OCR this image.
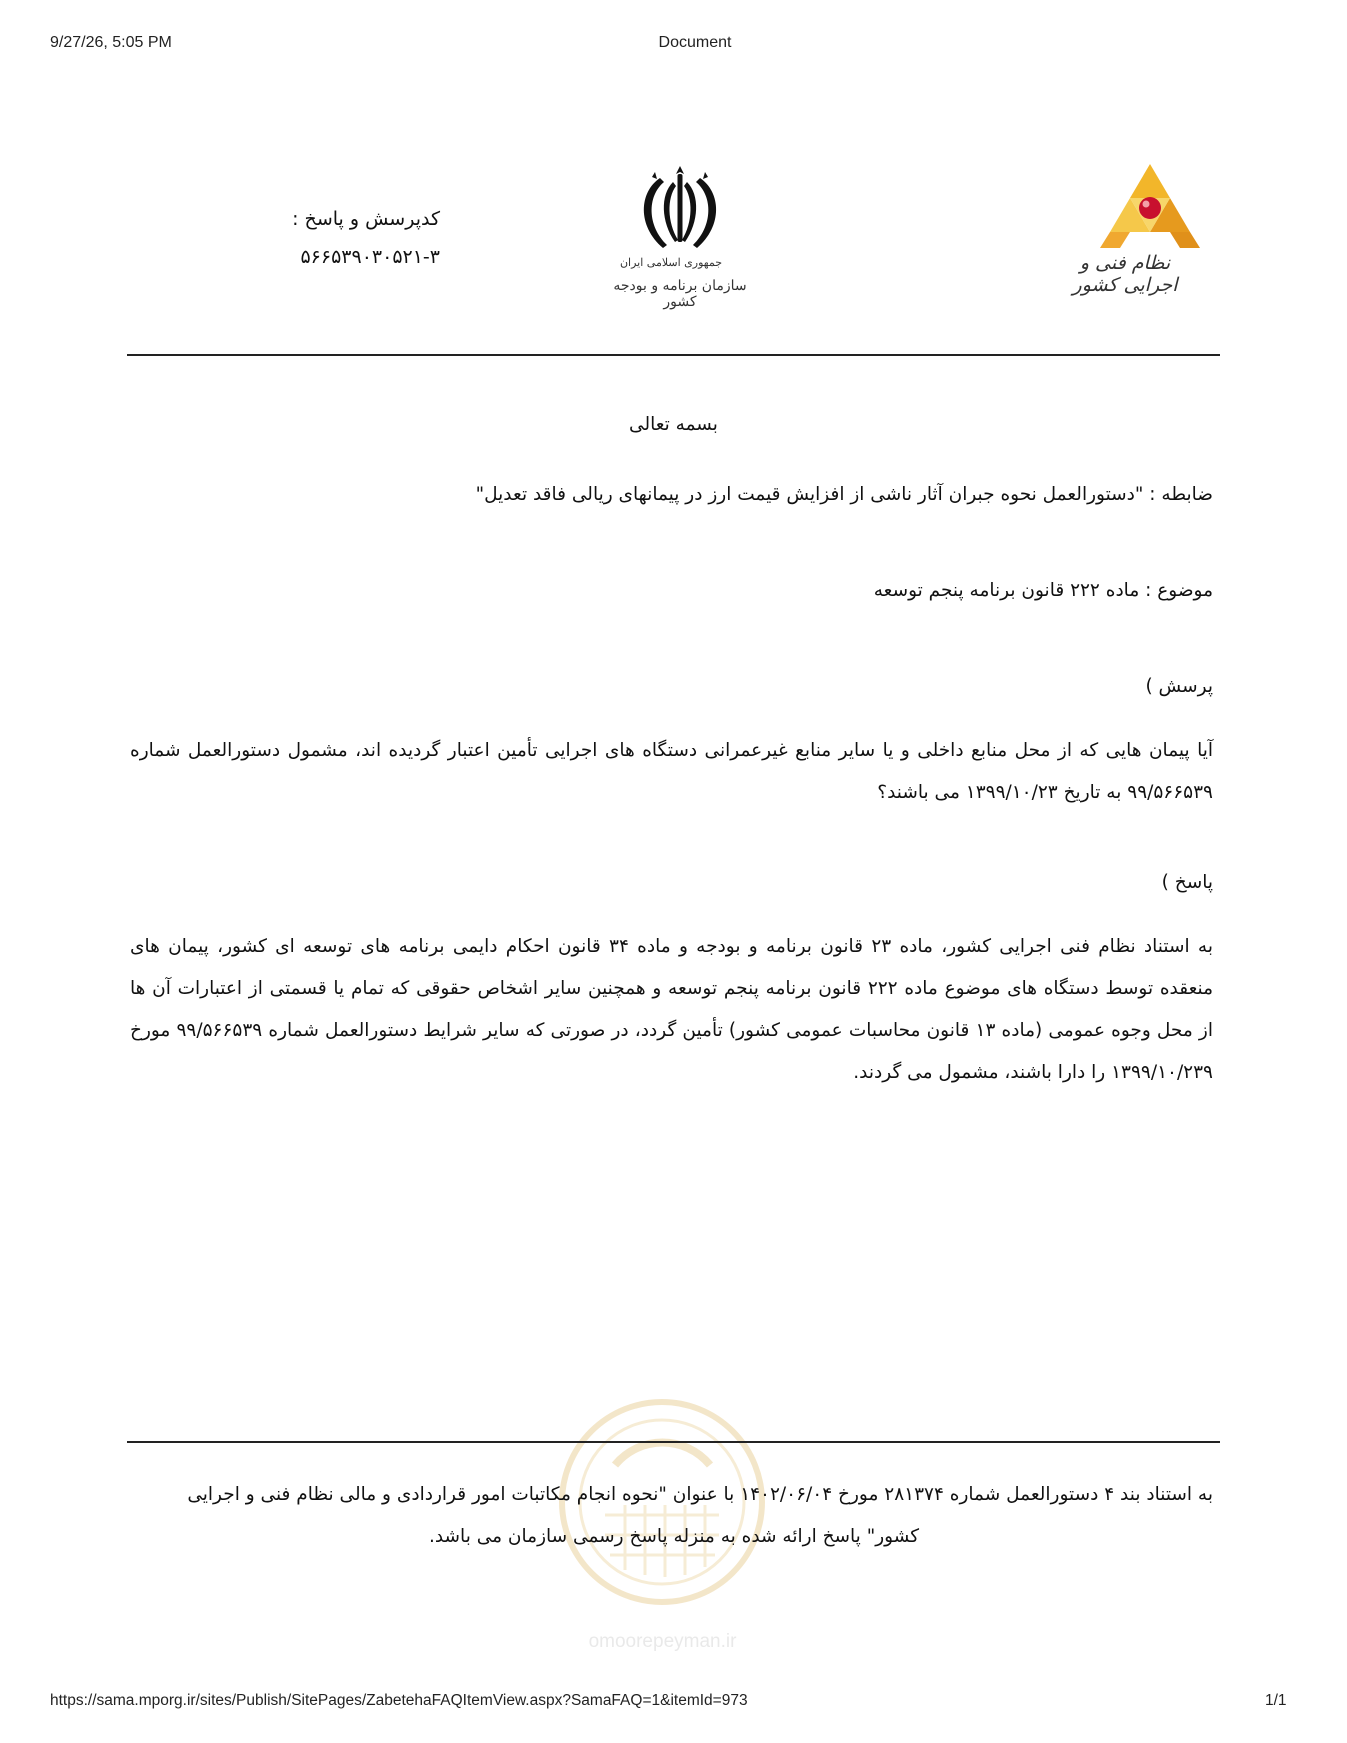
9/27/26, 5:05 PM	Document
کدپرسش و پاسخ :
۵۶۶۵۳۹۰۳۰۵۲۱-۳	جمهوری اسلامی ایران
سازمان برنامه و بودجه کشور
نظام فنی و اجرایی کشور
بسمه تعالی
ضابطه : "دستورالعمل نحوه جبران آثار ناشی از افزایش قیمت ارز در پیمانهای ریالی فاقد تعدیل"
موضوع : ماده ۲۲۲ قانون برنامه پنجم توسعه
پرسش )
آیا پیمان هایی که از محل منابع داخلی و یا سایر منابع غیرعمرانی دستگاه های اجرایی تأمین اعتبار گردیده اند، مشمول دستورالعمل شماره ۹۹/۵۶۶۵۳۹ به تاریخ ۱۳۹۹/۱۰/۲۳ می باشند؟
پاسخ )
به استناد نظام فنی اجرایی کشور، ماده ۲۳ قانون برنامه و بودجه و ماده ۳۴ قانون احکام دایمی برنامه های توسعه ای کشور، پیمان های منعقده توسط دستگاه های موضوع ماده ۲۲۲ قانون برنامه پنجم توسعه و همچنین سایر اشخاص حقوقی که تمام یا قسمتی از اعتبارات آن ها از محل وجوه عمومی (ماده ۱۳ قانون محاسبات عمومی کشور) تأمین گردد، در صورتی که سایر شرایط دستورالعمل شماره ۹۹/۵۶۶۵۳۹ مورخ ۱۳۹۹/۱۰/۲۳۹ را دارا باشند، مشمول می گردند.
omoorepeyman.ir
به استناد بند ۴ دستورالعمل شماره ۲۸۱۳۷۴ مورخ ۱۴۰۲/۰۶/۰۴ با عنوان "نحوه انجام مکاتبات امور قراردادی و مالی نظام فنی و اجرایی کشور" پاسخ ارائه شده به منزله پاسخ رسمی سازمان می باشد.
https://sama.mporg.ir/sites/Publish/SitePages/ZabetehaFAQItemView.aspx?SamaFAQ=1&itemId=973	1/1
